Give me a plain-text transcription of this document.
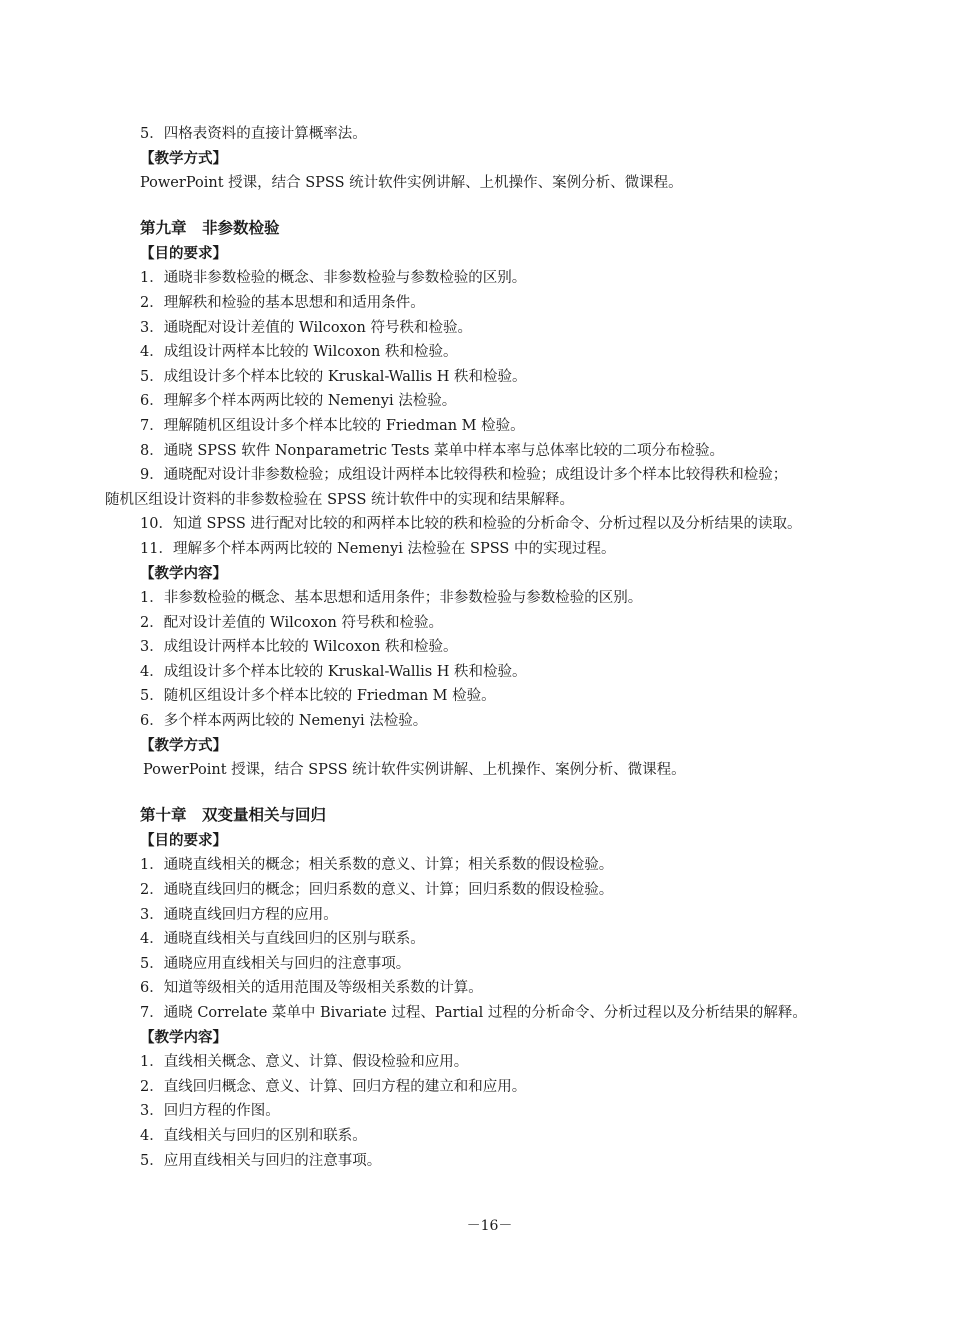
5．四格表资料的直接计算概率法。
【教学方式】
PowerPoint 授课，结合 SPSS 统计软件实例讲解、上机操作、案例分析、微课程。
第九章　非参数检验
【目的要求】
1．通晓非参数检验的概念、非参数检验与参数检验的区别。
2．理解秩和检验的基本思想和和适用条件。
3．通晓配对设计差值的 Wilcoxon 符号秩和检验。
4．成组设计两样本比较的 Wilcoxon 秩和检验。
5．成组设计多个样本比较的 Kruskal-Wallis H 秩和检验。
6．理解多个样本两两比较的 Nemenyi 法检验。
7．理解随机区组设计多个样本比较的 Friedman M 检验。
8．通晓 SPSS 软件 Nonparametric Tests 菜单中样本率与总体率比较的二项分布检验。
9．通晓配对设计非参数检验；成组设计两样本比较得秩和检验；成组设计多个样本比较得秩和检验；
随机区组设计资料的非参数检验在 SPSS 统计软件中的实现和结果解释。
10．知道 SPSS 进行配对比较的和两样本比较的秩和检验的分析命令、分析过程以及分析结果的读取。
11．理解多个样本两两比较的 Nemenyi 法检验在 SPSS 中的实现过程。
【教学内容】
1．非参数检验的概念、基本思想和适用条件；非参数检验与参数检验的区别。
2．配对设计差值的 Wilcoxon 符号秩和检验。
3．成组设计两样本比较的 Wilcoxon 秩和检验。
4．成组设计多个样本比较的 Kruskal-Wallis H 秩和检验。
5．随机区组设计多个样本比较的 Friedman M 检验。
6．多个样本两两比较的 Nemenyi 法检验。
【教学方式】
PowerPoint 授课，结合 SPSS 统计软件实例讲解、上机操作、案例分析、微课程。
第十章　双变量相关与回归
【目的要求】
1．通晓直线相关的概念；相关系数的意义、计算；相关系数的假设检验。
2．通晓直线回归的概念；回归系数的意义、计算；回归系数的假设检验。
3．通晓直线回归方程的应用。
4．通晓直线相关与直线回归的区别与联系。
5．通晓应用直线相关与回归的注意事项。
6．知道等级相关的适用范围及等级相关系数的计算。
7．通晓 Correlate 菜单中 Bivariate 过程、Partial 过程的分析命令、分析过程以及分析结果的解释。
【教学内容】
1．直线相关概念、意义、计算、假设检验和应用。
2．直线回归概念、意义、计算、回归方程的建立和和应用。
3．回归方程的作图。
4．直线相关与回归的区别和联系。
5．应用直线相关与回归的注意事项。
－16－
